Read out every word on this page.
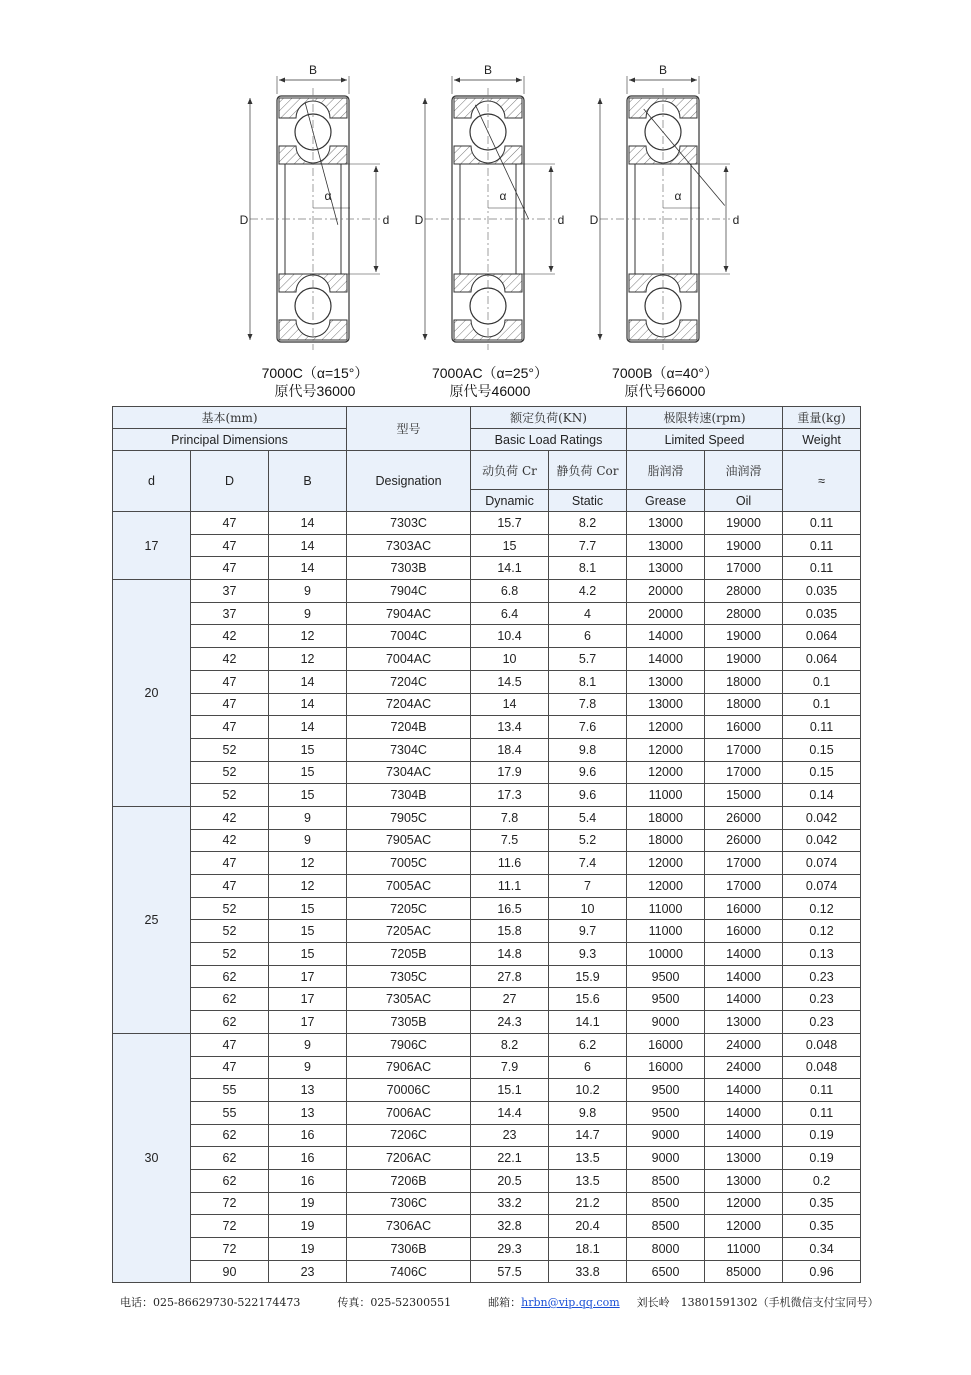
B
D	d
α
7000C（α=15°）
原代号36000
B
D	d
α
7000AC（α=25°）
原代号46000
B
D	d
α
7000B（α=40°）
原代号66000
基本(mm)			型号	额定负荷(KN)		极限转速(rpm)		重量(kg)
Principal Dimensions				Basic Load Ratings		Limited Speed		Weight
d	D	B	Designation	动负荷 Cr	静负荷 Cor	脂润滑	油润滑	≈
				Dynamic	Static	Grease	Oil	
17	47	14	7303C	15.7	8.2	13000	19000	0.11
	47	14	7303AC	15	7.7	13000	19000	0.11
	47	14	7303B	14.1	8.1	13000	17000	0.11
20	37	9	7904C	6.8	4.2	20000	28000	0.035
	37	9	7904AC	6.4	4	20000	28000	0.035
	42	12	7004C	10.4	6	14000	19000	0.064
	42	12	7004AC	10	5.7	14000	19000	0.064
	47	14	7204C	14.5	8.1	13000	18000	0.1
	47	14	7204AC	14	7.8	13000	18000	0.1
	47	14	7204B	13.4	7.6	12000	16000	0.11
	52	15	7304C	18.4	9.8	12000	17000	0.15
	52	15	7304AC	17.9	9.6	12000	17000	0.15
	52	15	7304B	17.3	9.6	11000	15000	0.14
25	42	9	7905C	7.8	5.4	18000	26000	0.042
	42	9	7905AC	7.5	5.2	18000	26000	0.042
	47	12	7005C	11.6	7.4	12000	17000	0.074
	47	12	7005AC	11.1	7	12000	17000	0.074
	52	15	7205C	16.5	10	11000	16000	0.12
	52	15	7205AC	15.8	9.7	11000	16000	0.12
	52	15	7205B	14.8	9.3	10000	14000	0.13
	62	17	7305C	27.8	15.9	9500	14000	0.23
	62	17	7305AC	27	15.6	9500	14000	0.23
	62	17	7305B	24.3	14.1	9000	13000	0.23
30	47	9	7906C	8.2	6.2	16000	24000	0.048
	47	9	7906AC	7.9	6	16000	24000	0.048
	55	13	70006C	15.1	10.2	9500	14000	0.11
	55	13	7006AC	14.4	9.8	9500	14000	0.11
	62	16	7206C	23	14.7	9000	14000	0.19
	62	16	7206AC	22.1	13.5	9000	13000	0.19
	62	16	7206B	20.5	13.5	8500	13000	0.2
	72	19	7306C	33.2	21.2	8500	12000	0.35
	72	19	7306AC	32.8	20.4	8500	12000	0.35
	72	19	7306B	29.3	18.1	8000	11000	0.34
	90	23	7406C	57.5	33.8	6500	85000	0.96
电话：025-86629730-522174473	传真：025-52300551	邮箱：hrbn@vip.qq.com 刘长岭　13801591302（手机微信支付宝同号）
